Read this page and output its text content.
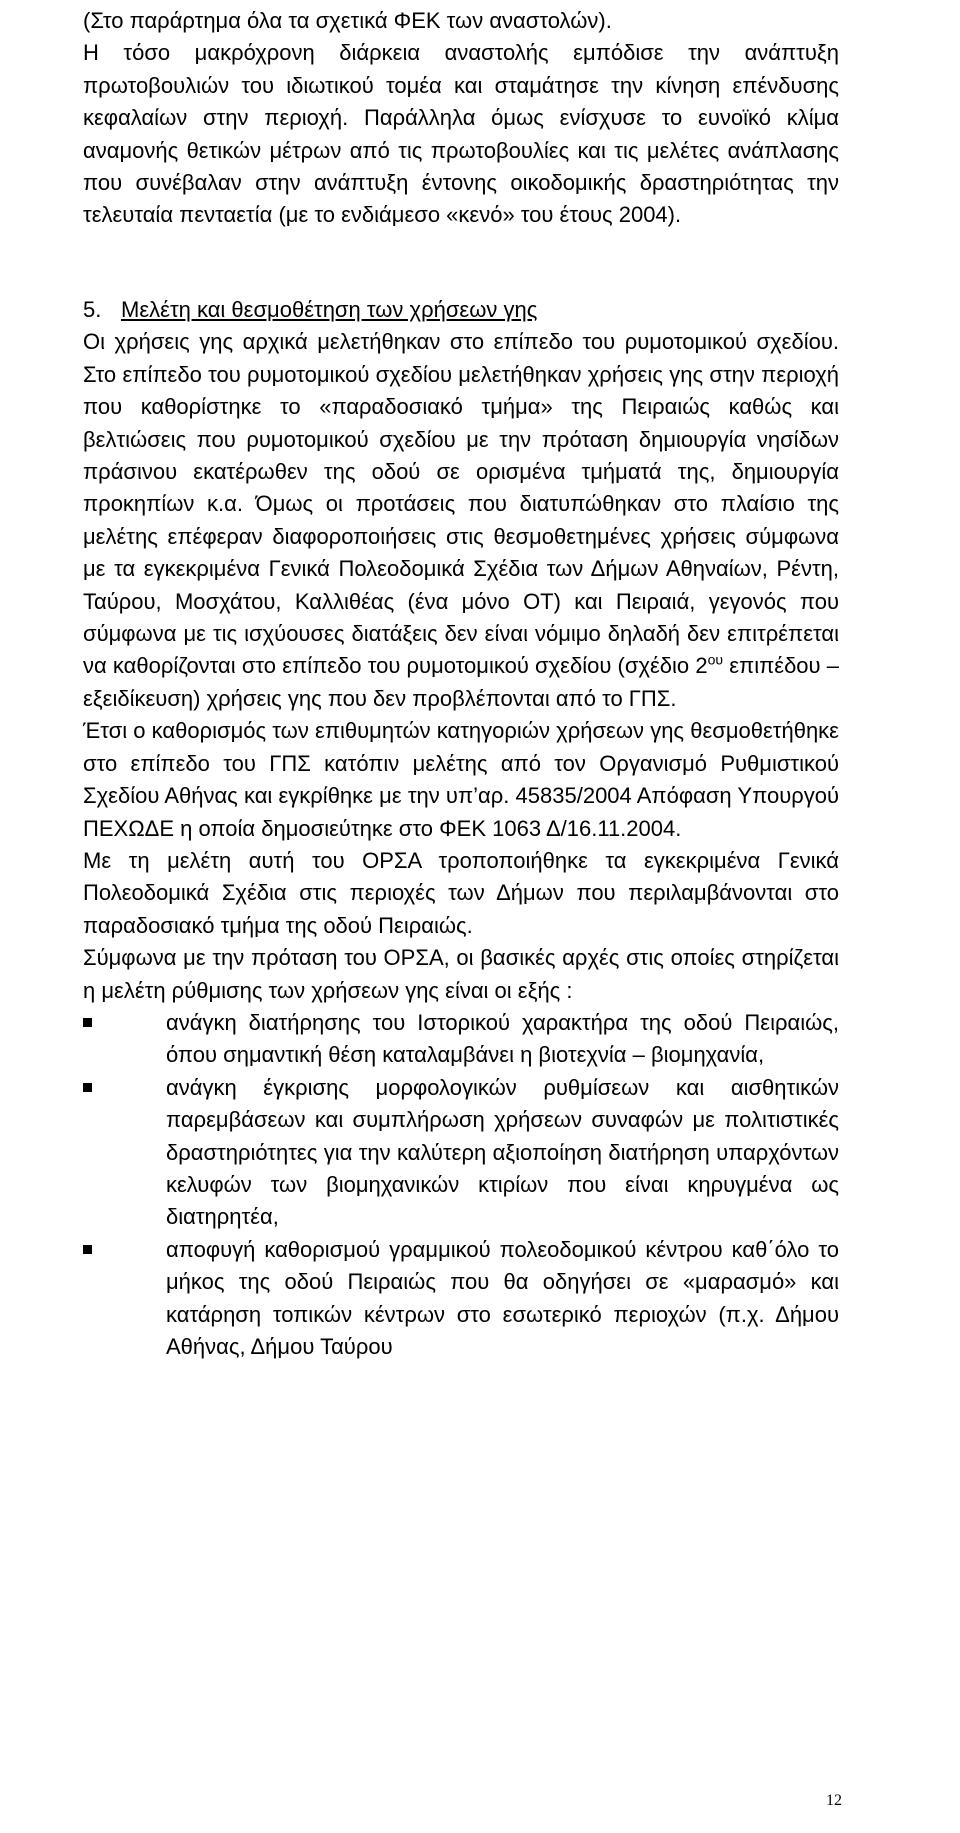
(Στο παράρτημα όλα τα σχετικά ΦΕΚ των αναστολών).

Η τόσο μακρόχρονη διάρκεια αναστολής εμπόδισε την ανάπτυξη πρωτοβουλιών του ιδιωτικού τομέα και σταμάτησε την κίνηση επένδυσης κεφαλαίων στην περιοχή. Παράλληλα όμως ενίσχυσε το ευνοϊκό κλίμα αναμονής θετικών μέτρων από τις πρωτοβουλίες και τις μελέτες ανάπλασης που συνέβαλαν στην ανάπτυξη έντονης οικοδομικής δραστηριότητας την τελευταία πενταετία (με το ενδιάμεσο «κενό» του έτους 2004).

5. Μελέτη και θεσμοθέτηση των χρήσεων γης

Οι χρήσεις γης αρχικά μελετήθηκαν στο επίπεδο του ρυμοτομικού σχεδίου. Στο επίπεδο του ρυμοτομικού σχεδίου μελετήθηκαν χρήσεις γης στην περιοχή που καθορίστηκε το «παραδοσιακό τμήμα» της Πειραιώς καθώς και βελτιώσεις που ρυμοτομικού σχεδίου με την πρόταση δημιουργία νησίδων πράσινου εκατέρωθεν της οδού σε ορισμένα τμήματά της, δημιουργία προκηπίων κ.α. Όμως οι προτάσεις που διατυπώθηκαν στο πλαίσιο της μελέτης επέφεραν διαφοροποιήσεις στις θεσμοθετημένες χρήσεις σύμφωνα με τα εγκεκριμένα Γενικά Πολεοδομικά Σχέδια των Δήμων Αθηναίων, Ρέντη, Ταύρου, Μοσχάτου, Καλλιθέας (ένα μόνο ΟΤ) και Πειραιά, γεγονός που σύμφωνα με τις ισχύουσες διατάξεις δεν είναι νόμιμο δηλαδή δεν επιτρέπεται να καθορίζονται στο επίπεδο του ρυμοτομικού σχεδίου (σχέδιο $2^{o\upsilon}$ επιπέδου – εξειδίκευση) χρήσεις γης που δεν προβλέπονται από το ΓΠΣ.

Έτσι ο καθορισμός των επιθυμητών κατηγοριών χρήσεων γης θεσμοθετήθηκε στο επίπεδο του ΓΠΣ κατόπιν μελέτης από τον Οργανισμό Ρυθμιστικού Σχεδίου Αθήνας και εγκρίθηκε με την υπ’αρ. 45835/2004 Απόφαση Υπουργού ΠΕΧΩΔΕ η οποία δημοσιεύτηκε στο ΦΕΚ 1063 Δ/16.11.2004.

Με τη μελέτη αυτή του ΟΡΣΑ τροποποιήθηκε τα εγκεκριμένα Γενικά Πολεοδομικά Σχέδια στις περιοχές των Δήμων που περιλαμβάνονται στο παραδοσιακό τμήμα της οδού Πειραιώς.

Σύμφωνα με την πρόταση του ΟΡΣΑ, οι βασικές αρχές στις οποίες στηρίζεται η μελέτη ρύθμισης των χρήσεων γης είναι οι εξής :

ανάγκη διατήρησης του Ιστορικού χαρακτήρα της οδού Πειραιώς, όπου σημαντική θέση καταλαμβάνει η βιοτεχνία – βιομηχανία,
ανάγκη έγκρισης μορφολογικών ρυθμίσεων και αισθητικών παρεμβάσεων και συμπλήρωση χρήσεων συναφών με πολιτιστικές δραστηριότητες για την καλύτερη αξιοποίηση διατήρηση υπαρχόντων κελυφών των βιομηχανικών κτιρίων που είναι κηρυγμένα ως διατηρητέα,
αποφυγή καθορισμού γραμμικού πολεοδομικού κέντρου καθ΄όλο το μήκος της οδού Πειραιώς που θα οδηγήσει σε «μαρασμό» και κατάρηση τοπικών κέντρων στο εσωτερικό περιοχών (π.χ. Δήμου Αθήνας, Δήμου Ταύρου
12
